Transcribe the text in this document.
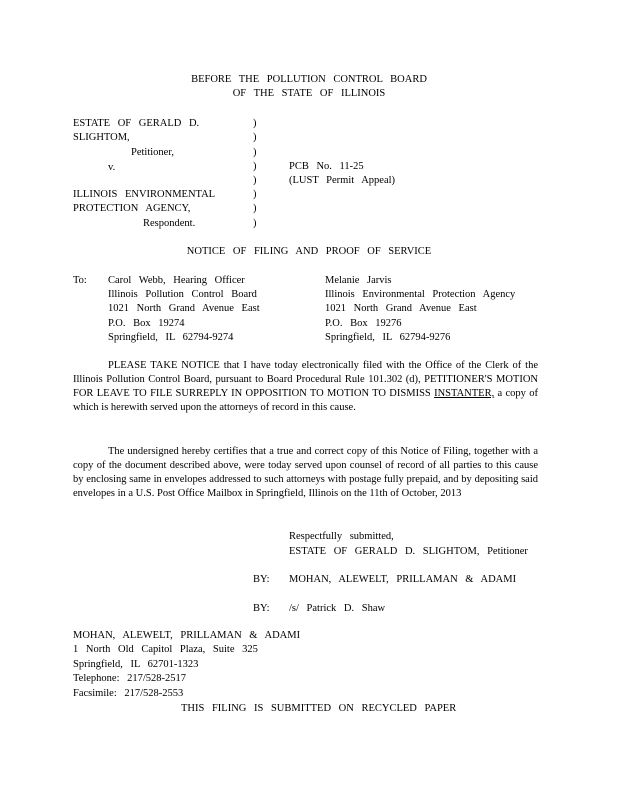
BEFORE THE POLLUTION CONTROL BOARD
OF THE STATE OF ILLINOIS
ESTATE OF GERALD D.
SLIGHTOM,
Petitioner,
v.
ILLINOIS ENVIRONMENTAL
PROTECTION AGENCY,
Respondent.
)
)
)
)
)
)
)
)
PCB No. 11-25
(LUST Permit Appeal)
NOTICE OF FILING AND PROOF OF SERVICE
To: Carol Webb, Hearing Officer
Illinois Pollution Control Board
1021 North Grand Avenue East
P.O. Box 19274
Springfield, IL 62794-9274
Melanie Jarvis
Illinois Environmental Protection Agency
1021 North Grand Avenue East
P.O. Box 19276
Springfield, IL 62794-9276
PLEASE TAKE NOTICE that I have today electronically filed with the Office of the Clerk of the Illinois Pollution Control Board, pursuant to Board Procedural Rule 101.302 (d), PETITIONER'S MOTION FOR LEAVE TO FILE SURREPLY IN OPPOSITION TO MOTION TO DISMISS INSTANTER, a copy of which is herewith served upon the attorneys of record in this cause.
The undersigned hereby certifies that a true and correct copy of this Notice of Filing, together with a copy of the document described above, were today served upon counsel of record of all parties to this cause by enclosing same in envelopes addressed to such attorneys with postage fully prepaid, and by depositing said envelopes in a U.S. Post Office Mailbox in Springfield, Illinois on the 11th of October, 2013
Respectfully submitted,
ESTATE OF GERALD D. SLIGHTOM, Petitioner
BY: MOHAN, ALEWELT, PRILLAMAN & ADAMI
BY: /s/ Patrick D. Shaw
MOHAN, ALEWELT, PRILLAMAN & ADAMI
1 North Old Capitol Plaza, Suite 325
Springfield, IL 62701-1323
Telephone: 217/528-2517
Facsimile: 217/528-2553
THIS FILING IS SUBMITTED ON RECYCLED PAPER
